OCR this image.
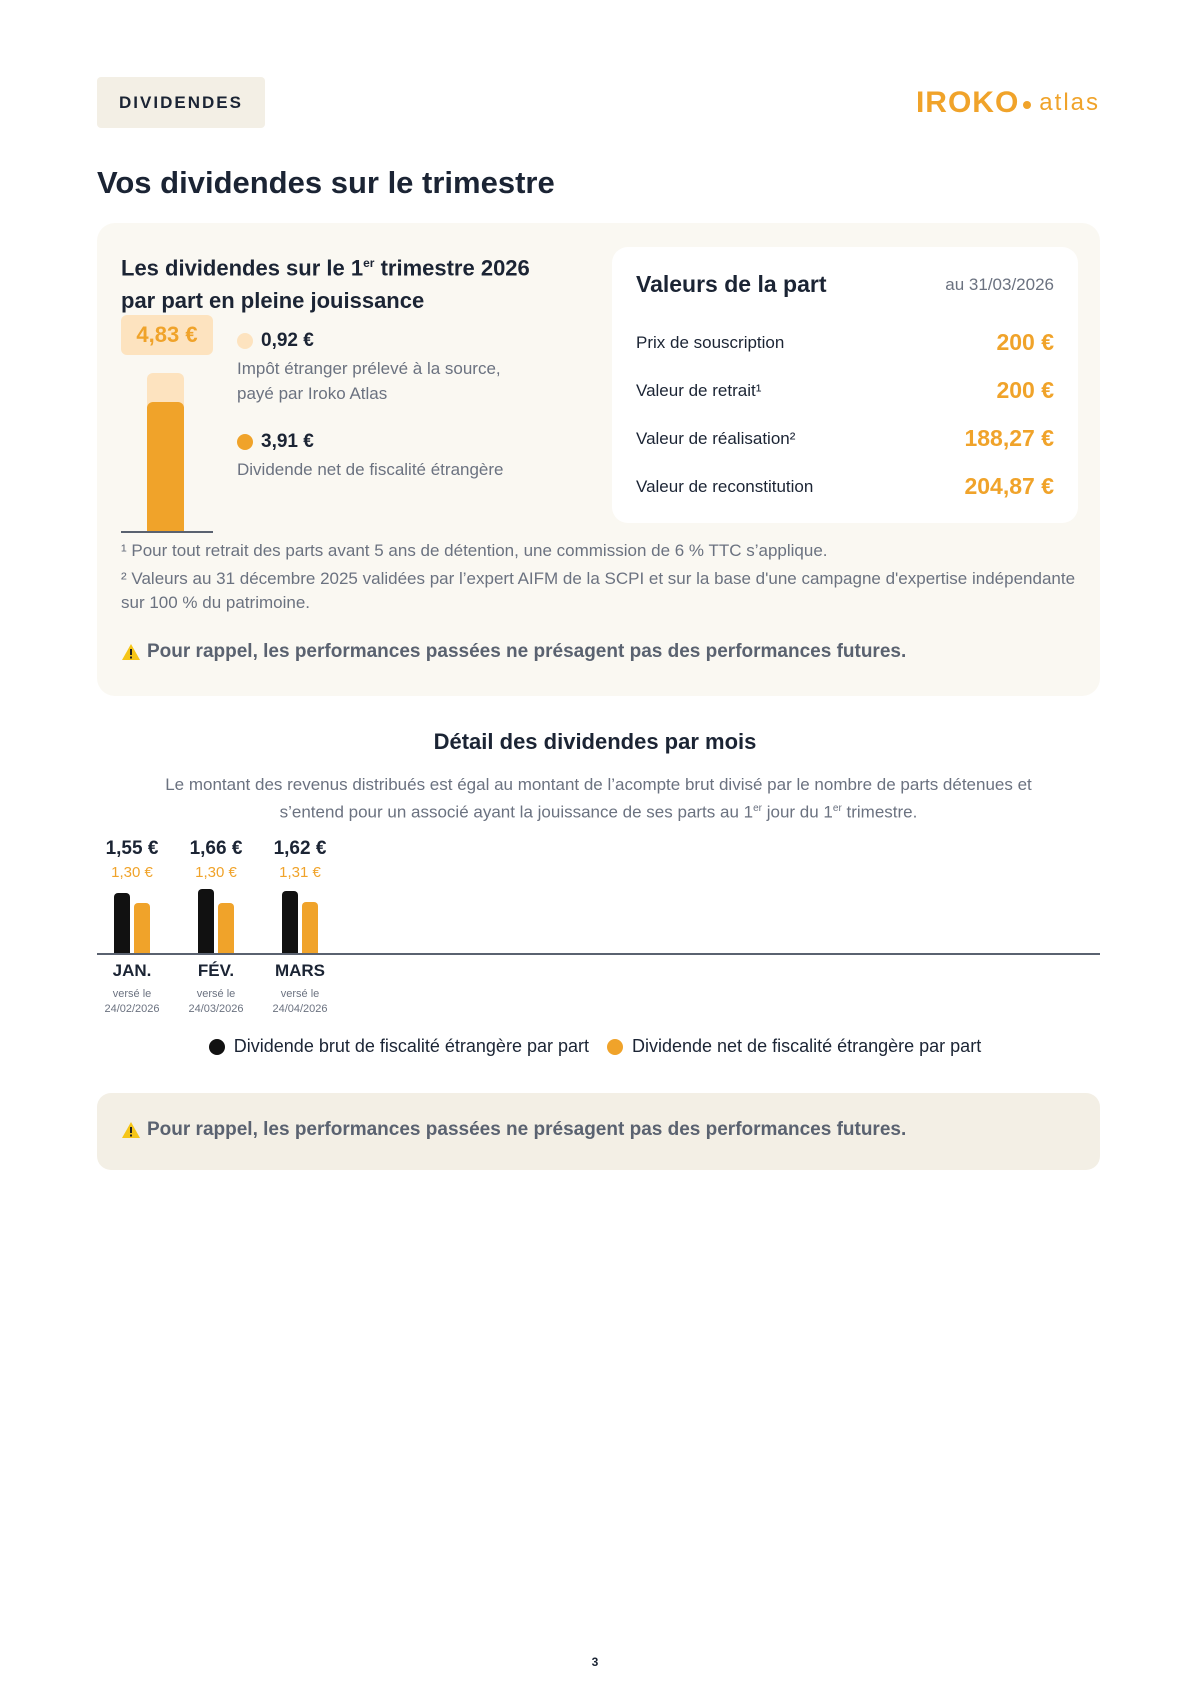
DIVIDENDES	IROKO atlas
Vos dividendes sur le trimestre
Les dividendes sur le 1er trimestre 2026
par part en pleine jouissance
4,83 €	0,92 €
Impôt étranger prélevé à la source,
payé par Iroko Atlas
3,91 €
Dividende net de fiscalité étrangère
Valeurs de la part	au 31/03/2026
Prix de souscription	200 €
Valeur de retrait¹	200 €
Valeur de réalisation²	188,27 €
Valeur de reconstitution	204,87 €
¹ Pour tout retrait des parts avant 5 ans de détention, une commission de 6 % TTC s’applique.
² Valeurs au 31 décembre 2025 validées par l’expert AIFM de la SCPI et sur la base d'une campagne d'expertise indépendante sur 100 % du patrimoine.
Pour rappel, les performances passées ne présagent pas des performances futures.
Détail des dividendes par mois
Le montant des revenus distribués est égal au montant de l’acompte brut divisé par le nombre de parts détenues et
s’entend pour un associé ayant la jouissance de ses parts au 1er jour du 1er trimestre.
1,55 €
1,30 €
JAN.
versé le
24/02/2026
1,66 €
1,30 €
FÉV.
versé le
24/03/2026
1,62 €
1,31 €
MARS
versé le
24/04/2026
Dividende brut de fiscalité étrangère par part Dividende net de fiscalité étrangère par part
Pour rappel, les performances passées ne présagent pas des performances futures.
3
